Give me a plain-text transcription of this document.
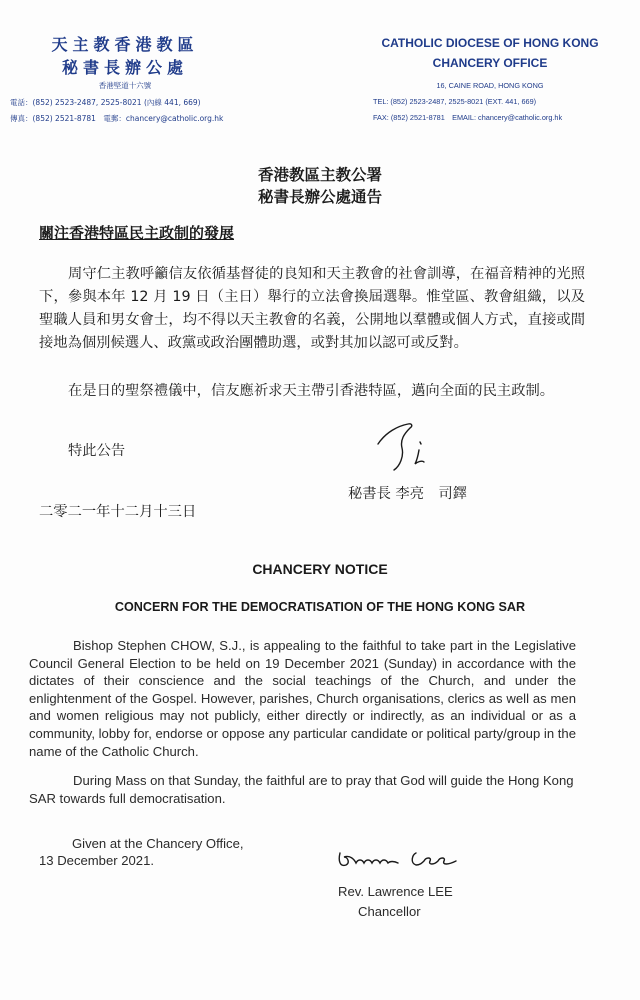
天主教香港教區
秘書長辦公處
香港堅道十六號
電話：(852) 2523-2487, 2525-8021 (內線 441, 669)
傳真：(852) 2521-8781　電郵：chancery@catholic.org.hk
CATHOLIC DIOCESE OF HONG KONG
CHANCERY OFFICE
16, CAINE ROAD, HONG KONG
TEL: (852) 2523-2487, 2525-8021 (EXT. 441, 669)
FAX: (852) 2521-8781　EMAIL: chancery@catholic.org.hk
香港教區主教公署
秘書長辦公處通告
關注香港特區民主政制的發展
周守仁主教呼籲信友依循基督徒的良知和天主教會的社會訓導，在福音精神的光照下，參與本年 12 月 19 日（主日）舉行的立法會換屆選舉。惟堂區、教會組織，以及聖職人員和男女會士，均不得以天主教會的名義，公開地以羣體或個人方式，直接或間接地為個別候選人、政黨或政治團體助選，或對其加以認可或反對。
在是日的聖祭禮儀中，信友應祈求天主帶引香港特區，邁向全面的民主政制。
特此公告
秘書長 李亮　司鐸
二零二一年十二月十三日
CHANCERY NOTICE
CONCERN FOR THE DEMOCRATISATION OF THE HONG KONG SAR
Bishop Stephen CHOW, S.J., is appealing to the faithful to take part in the Legislative Council General Election to be held on 19 December 2021 (Sunday) in accordance with the dictates of their conscience and the social teachings of the Church, and under the enlightenment of the Gospel. However, parishes, Church organisations, clerics as well as men and women religious may not publicly, either directly or indirectly, as an individual or as a community, lobby for, endorse or oppose any particular candidate or political party/group in the name of the Catholic Church.
During Mass on that Sunday, the faithful are to pray that God will guide the Hong Kong SAR towards full democratisation.
Given at the Chancery Office,
13 December 2021.
Rev. Lawrence LEE
Chancellor
